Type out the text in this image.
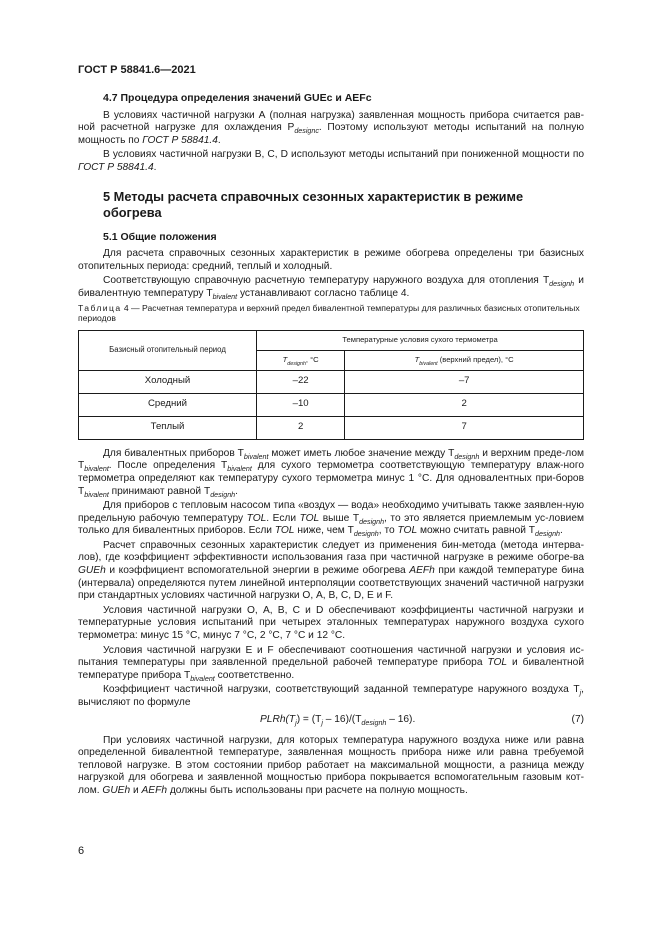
ГОСТ Р 58841.6—2021
4.7 Процедура определения значений GUEc и AEFc

В условиях частичной нагрузки А (полная нагрузка) заявленная мощность прибора считается рав-ной расчетной нагрузке для охлаждения $P_{designc}$. Поэтому используют методы испытаний на полную мощность по ГОСТ Р 58841.4.

В условиях частичной нагрузки B, C, D используют методы испытаний при пониженной мощности по ГОСТ Р 58841.4.

5 Методы расчета справочных сезонных характеристик в режиме обогрева
5.1 Общие положения

Для расчета справочных сезонных характеристик в режиме обогрева определены три базисных отопительных периода: средний, теплый и холодный.

Соответствующую справочную расчетную температуру наружного воздуха для отопления $T_{designh}$ и бивалентную температуру $T_{bivalent}$ устанавливают согласно таблице 4.

Таблица 4 — Расчетная температура и верхний предел бивалентной температуры для различных базисных отопительных периодов
Базисный отопительный период	Температурные условия сухого термометра	
	$T_{designh}$, °С	$T_{bivalent}$ (верхний предел), °С
Холодный	–22	–7
Средний	–10	2
Теплый	2	7

Для бивалентных приборов $T_{bivalent}$ может иметь любое значение между $T_{designh}$ и верхним преде-лом $T_{bivalent}$. После определения $T_{bivalent}$ для сухого термометра соответствующую температуру влаж-ного термометра определяют как температуру сухого термометра минус 1 °С. Для одновалентных при-боров $T_{bivalent}$ принимают равной $T_{designh}$.

Для приборов с тепловым насосом типа «воздух — вода» необходимо учитывать также заявлен-ную предельную рабочую температуру TOL. Если TOL выше $T_{designh}$, то это является приемлемым ус-ловием только для бивалентных приборов. Если TOL ниже, чем $T_{designh}$, то TOL можно считать равной $T_{designh}$.

Расчет справочных сезонных характеристик следует из применения бин-метода (метода интерва-лов), где коэффициент эффективности использования газа при частичной нагрузке в режиме обогре-ва GUEh и коэффициент вспомогательной энергии в режиме обогрева AEFh при каждой температуре бина (интервала) определяются путем линейной интерполяции соответствующих значений частичной нагрузки при стандартных условиях частичной нагрузки О, А, В, С, D, Е и F.

Условия частичной нагрузки О, А, В, С и D обеспечивают коэффициенты частичной нагрузки и температурные условия испытаний при четырех эталонных температурах наружного воздуха сухого термометра: минус 15 °С, минус 7 °С, 2 °С, 7 °С и 12 °С.

Условия частичной нагрузки Е и F обеспечивают соотношения частичной нагрузки и условия ис-пытания температуры при заявленной предельной рабочей температуре прибора TOL и бивалентной температуре прибора $T_{bivalent}$ соответственно.

Коэффициент частичной нагрузки, соответствующий заданной температуре наружного воздуха $T_j$, вычисляют по формуле

$PLRh(T_j) = (T_j - 16)/(T_{designh} - 16)$.	(7)

При условиях частичной нагрузки, для которых температура наружного воздуха ниже или равна определенной бивалентной температуре, заявленная мощность прибора ниже или равна требуемой тепловой нагрузке. В этом состоянии прибор работает на максимальной мощности, а разница между нагрузкой для обогрева и заявленной мощностью прибора покрывается вспомогательным газовым кот-лом. GUEh и AEFh должны быть использованы при расчете на полную мощность.

6
